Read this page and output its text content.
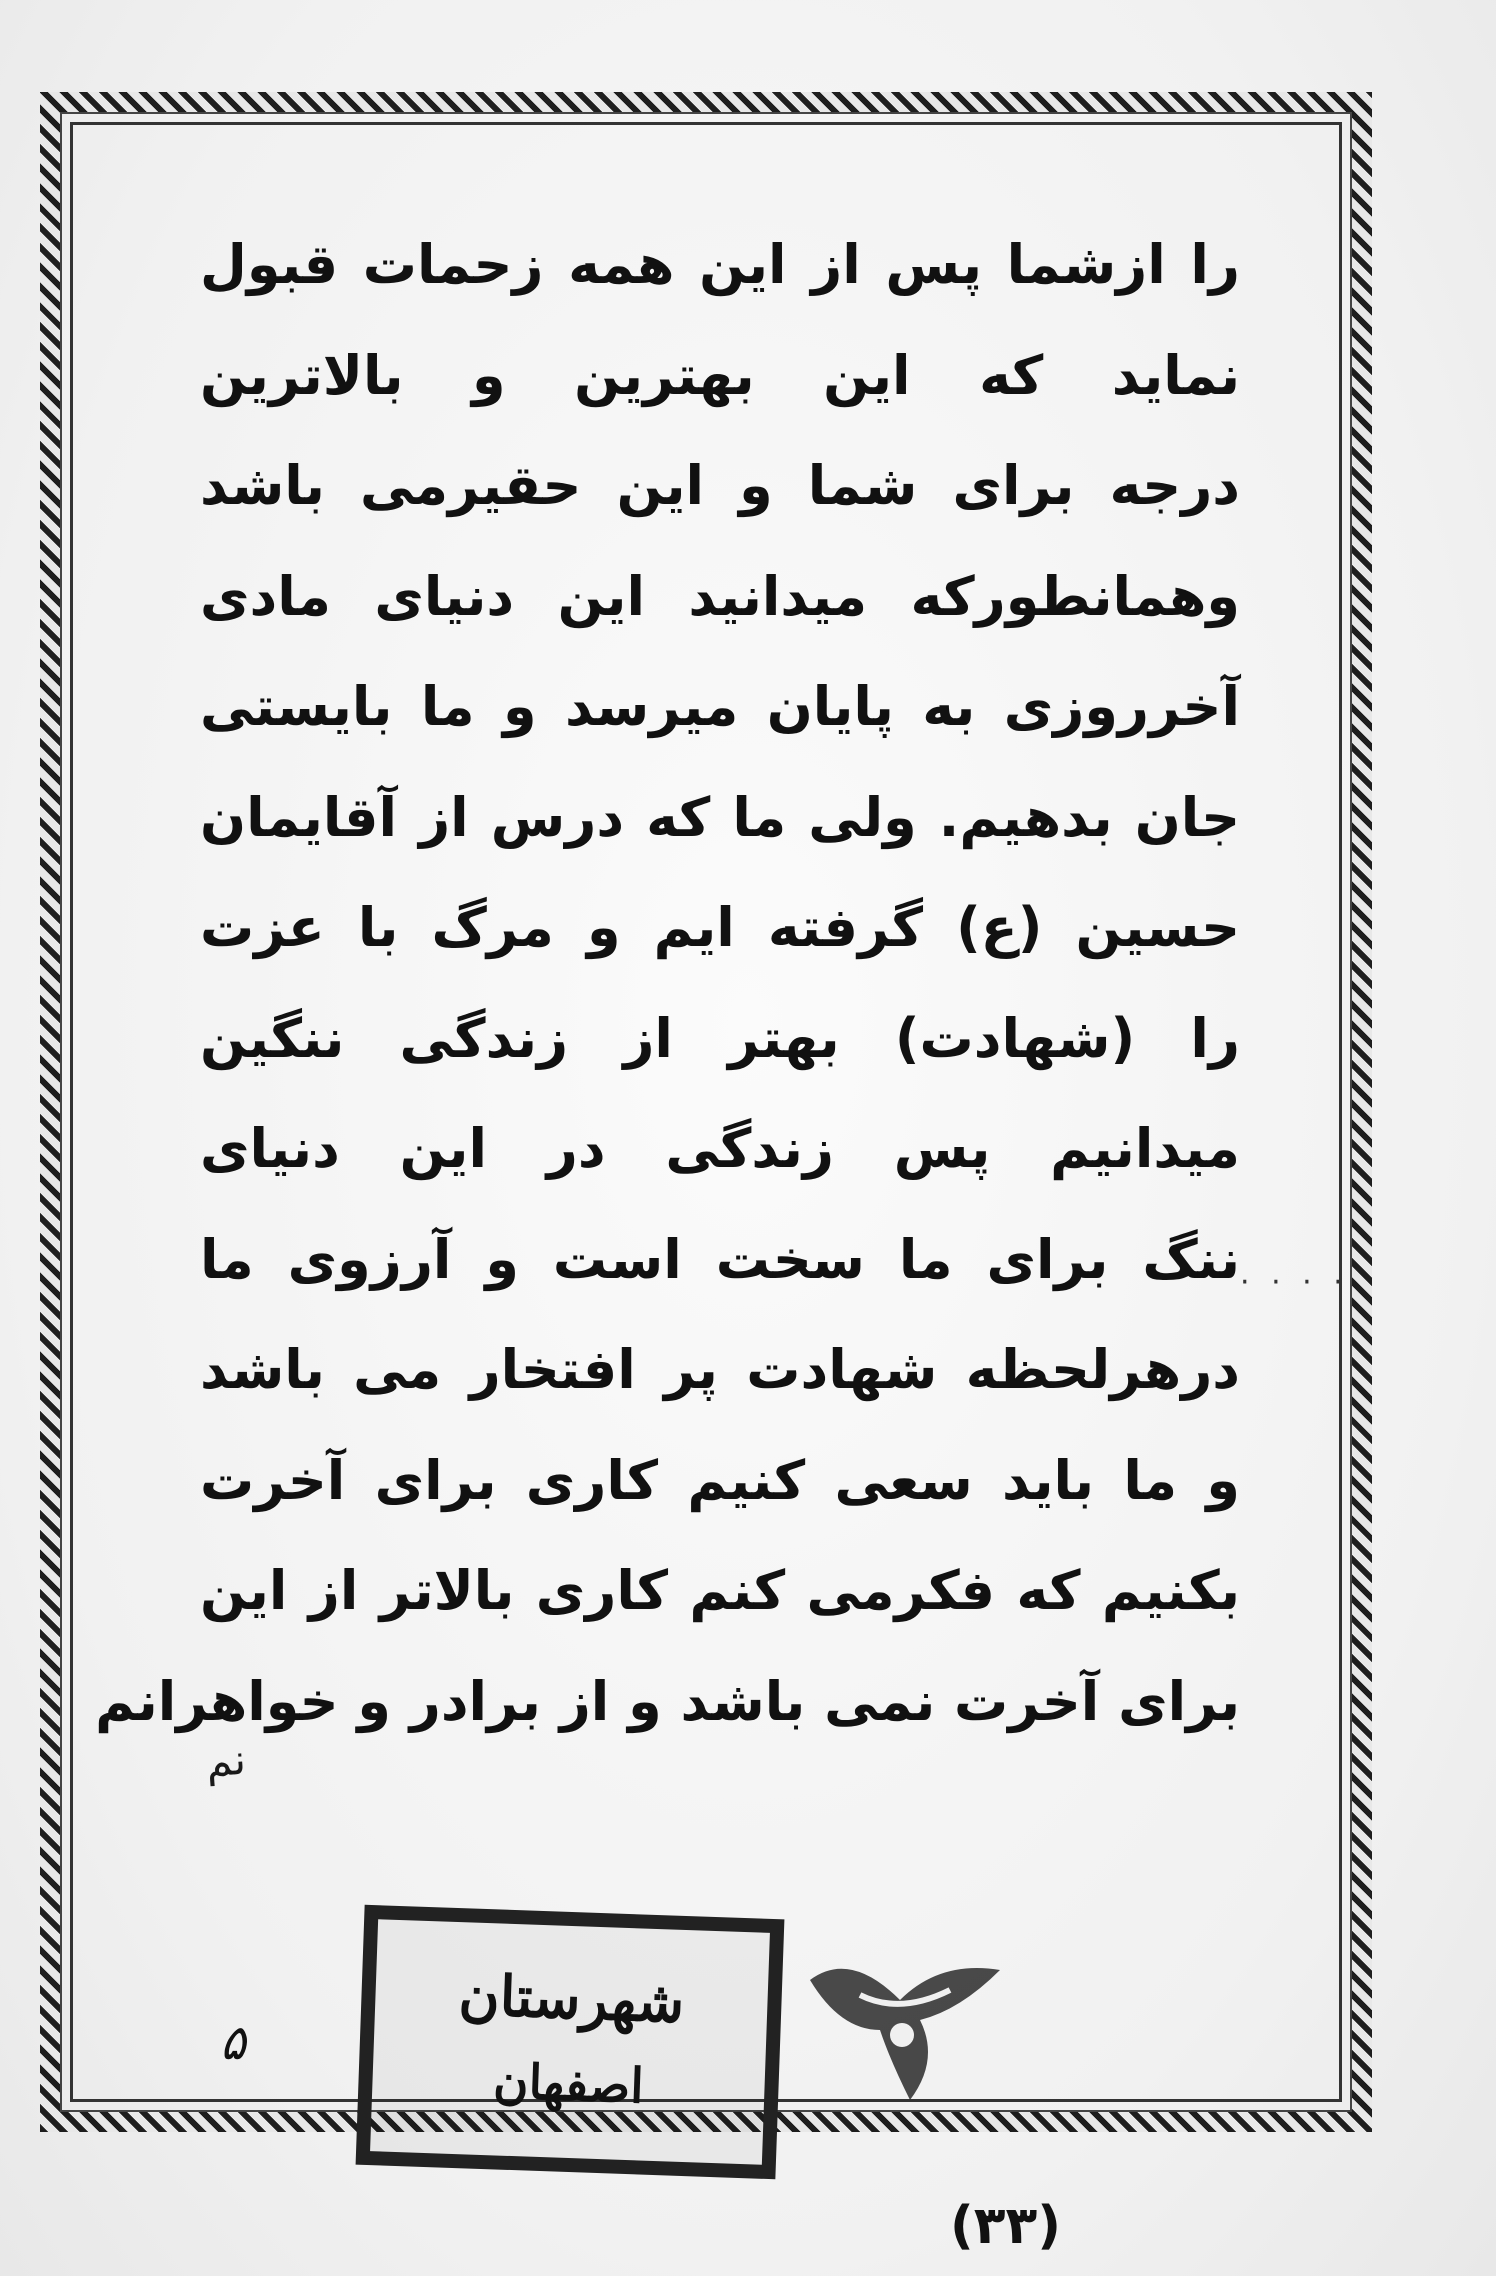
را ازشما پس از این همه زحمات قبول
نماید که این بهترین و بالاترین
درجه برای شما و این حقیرمی باشد
وهمانطورکه میدانید این دنیای مادی
آخرروزی به پایان میرسد و ما بایستی
جان بدهیم. ولی ما که درس از آقایمان
حسین (ع) گرفته ایم و مرگ با عزت
را (شهادت) بهتر از زندگی ننگین
میدانیم پس زندگی در این دنیای
ننگ برای ما سخت است و آرزوی ما
درهرلحظه شهادت پر افتخار می باشد
و ما باید سعی کنیم کاری برای آخرت
بکنیم که فکرمی کنم کاری بالاتر از این
برای آخرت نمی باشد و از برادر و خواهرانم
نم
· · · ·
شهرستان
اصفهان
۵
(۳۳)
